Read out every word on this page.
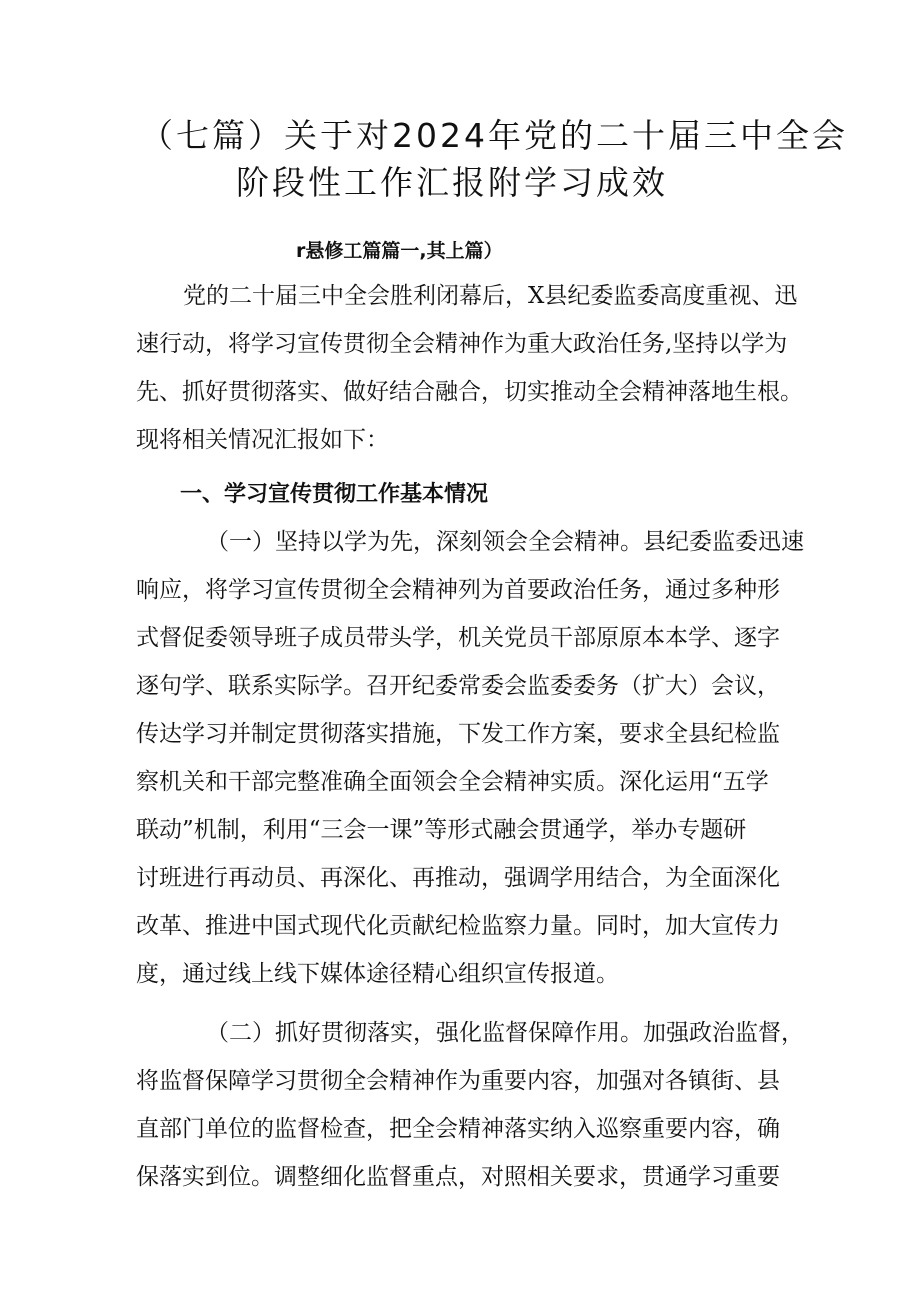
（七篇）关于对2024年党的二十届三中全会
阶段性工作汇报附学习成效
r悬修工篇篇一,其上篇）
党的二十届三中全会胜利闭幕后，X县纪委监委高度重视、迅
速行动，将学习宣传贯彻全会精神作为重大政治任务,坚持以学为
先、抓好贯彻落实、做好结合融合，切实推动全会精神落地生根。
现将相关情况汇报如下：
一、学习宣传贯彻工作基本情况
（一）坚持以学为先，深刻领会全会精神。县纪委监委迅速
响应，将学习宣传贯彻全会精神列为首要政治任务，通过多种形
式督促委领导班子成员带头学，机关党员干部原原本本学、逐字
逐句学、联系实际学。召开纪委常委会监委委务（扩大）会议，
传达学习并制定贯彻落实措施，下发工作方案，要求全县纪检监
察机关和干部完整准确全面领会全会精神实质。深化运用“五学
联动”机制，利用“三会一课”等形式融会贯通学，举办专题研
讨班进行再动员、再深化、再推动，强调学用结合，为全面深化
改革、推进中国式现代化贡献纪检监察力量。同时，加大宣传力
度，通过线上线下媒体途径精心组织宣传报道。
（二）抓好贯彻落实，强化监督保障作用。加强政治监督，
将监督保障学习贯彻全会精神作为重要内容，加强对各镇街、县
直部门单位的监督检查，把全会精神落实纳入巡察重要内容，确
保落实到位。调整细化监督重点，对照相关要求，贯通学习重要
